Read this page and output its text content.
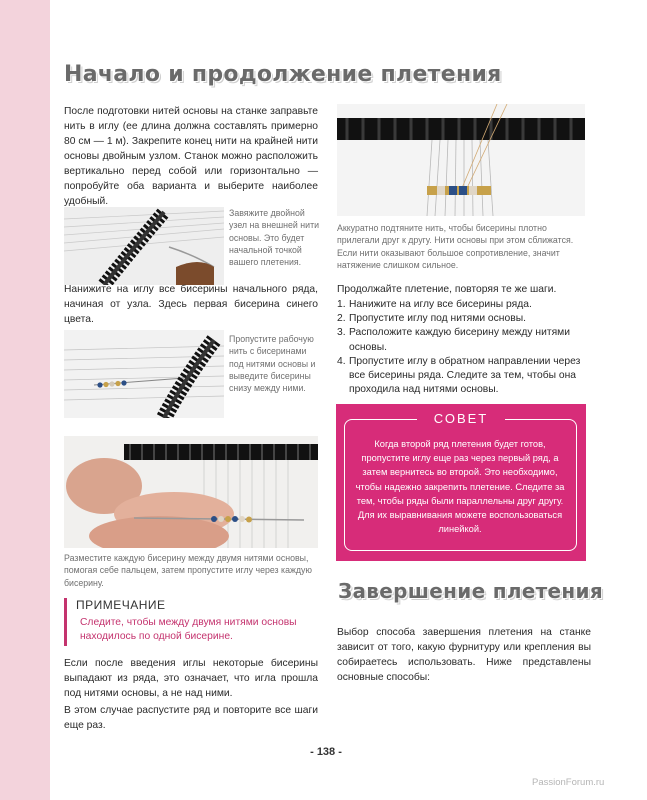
Начало и продолжение плетения

После подготовки нитей основы на станке заправьте нить в иглу (ее длина должна составлять примерно 80 см — 1 м). Закрепите конец нити на крайней нити основы двойным узлом. Станок можно расположить вертикально перед собой или горизонтально — попробуйте оба варианта и выберите наиболее удобный.

Завяжите двойной узел на внешней нити основы. Это будет начальной точкой вашего плетения.

Нанижите на иглу все бисерины начального ряда, начиная от узла. Здесь первая бисерина синего цвета.

Пропустите рабочую нить с бисеринами под нитями основы и выведите бисерины снизу между ними.

Разместите каждую бисерину между двумя нитями основы, помогая себе пальцем, затем пропустите иглу через каждую бисерину.

ПРИМЕЧАНИЕ

Следите, чтобы между двумя нитями основы находилось по одной бисерине.

Если после введения иглы некоторые бисерины выпадают из ряда, это означает, что игла прошла под нитями основы, а не над ними.

В этом случае распустите ряд и повторите все шаги еще раз.

Аккуратно подтяните нить, чтобы бисерины плотно прилегали друг к другу. Нити основы при этом сближатся. Если нити оказывают большое сопротивление, значит натяжение слишком сильное.

Продолжайте плетение, повторяя те же шаги.

1. Нанижите на иглу все бисерины ряда.
2. Пропустите иглу под нитями основы.
3. Расположите каждую бисерину между нитями основы.
4. Пропустите иглу в обратном направлении через все бисерины ряда. Следите за тем, чтобы она проходила над нитями основы.
СОВЕТ

Когда второй ряд плетения будет готов, пропустите иглу еще раз через первый ряд, а затем вернитесь во второй. Это необходимо, чтобы надежно закрепить плетение. Следите за тем, чтобы ряды были параллельны друг другу. Для их выравнивания можете воспользоваться линейкой.

Завершение плетения

Выбор способа завершения плетения на станке зависит от того, какую фурнитуру или крепления вы собираетесь использовать. Ниже представлены основные способы:

- 138 -
PassionForum.ru
